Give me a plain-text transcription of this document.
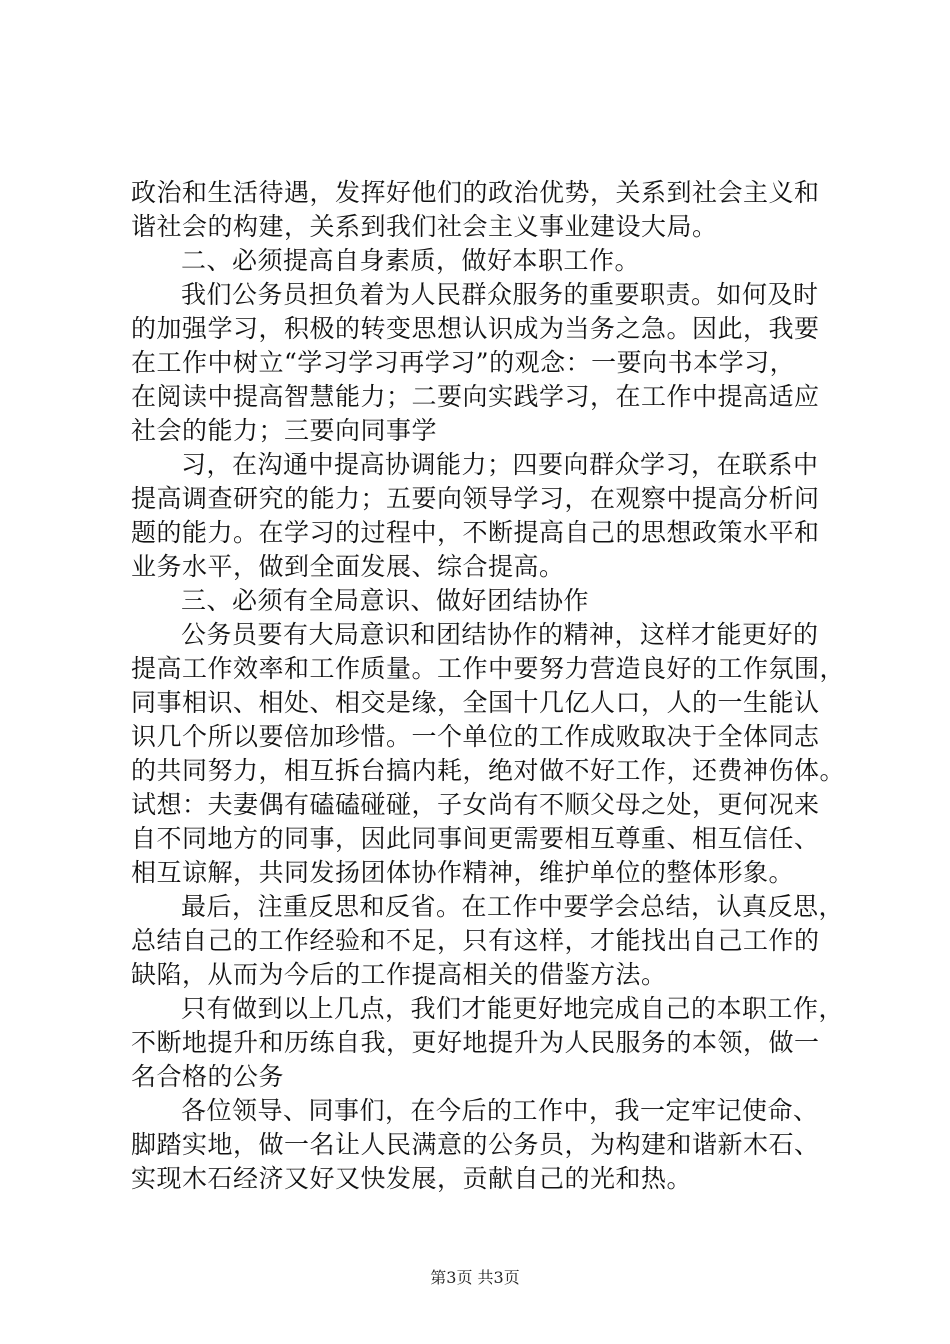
政治和生活待遇，发挥好他们的政治优势，关系到社会主义和
谐社会的构建，关系到我们社会主义事业建设大局。
二、必须提高自身素质，做好本职工作。
我们公务员担负着为人民群众服务的重要职责。如何及时
的加强学习，积极的转变思想认识成为当务之急。因此，我要
在工作中树立“学习学习再学习”的观念：一要向书本学习，
在阅读中提高智慧能力；二要向实践学习，在工作中提高适应
社会的能力；三要向同事学
习，在沟通中提高协调能力；四要向群众学习，在联系中
提高调查研究的能力；五要向领导学习，在观察中提高分析问
题的能力。在学习的过程中，不断提高自己的思想政策水平和
业务水平，做到全面发展、综合提高。
三、必须有全局意识、做好团结协作
公务员要有大局意识和团结协作的精神，这样才能更好的
提高工作效率和工作质量。工作中要努力营造良好的工作氛围，
同事相识、相处、相交是缘，全国十几亿人口，人的一生能认
识几个所以要倍加珍惜。一个单位的工作成败取决于全体同志
的共同努力，相互拆台搞内耗，绝对做不好工作，还费神伤体。
试想：夫妻偶有磕磕碰碰，子女尚有不顺父母之处，更何况来
自不同地方的同事，因此同事间更需要相互尊重、相互信任、
相互谅解，共同发扬团体协作精神，维护单位的整体形象。
最后，注重反思和反省。在工作中要学会总结，认真反思，
总结自己的工作经验和不足，只有这样，才能找出自己工作的
缺陷，从而为今后的工作提高相关的借鉴方法。
只有做到以上几点，我们才能更好地完成自己的本职工作，
不断地提升和历练自我，更好地提升为人民服务的本领，做一
名合格的公务
各位领导、同事们，在今后的工作中，我一定牢记使命、
脚踏实地，做一名让人民满意的公务员，为构建和谐新木石、
实现木石经济又好又快发展，贡献自己的光和热。
第3页 共3页
